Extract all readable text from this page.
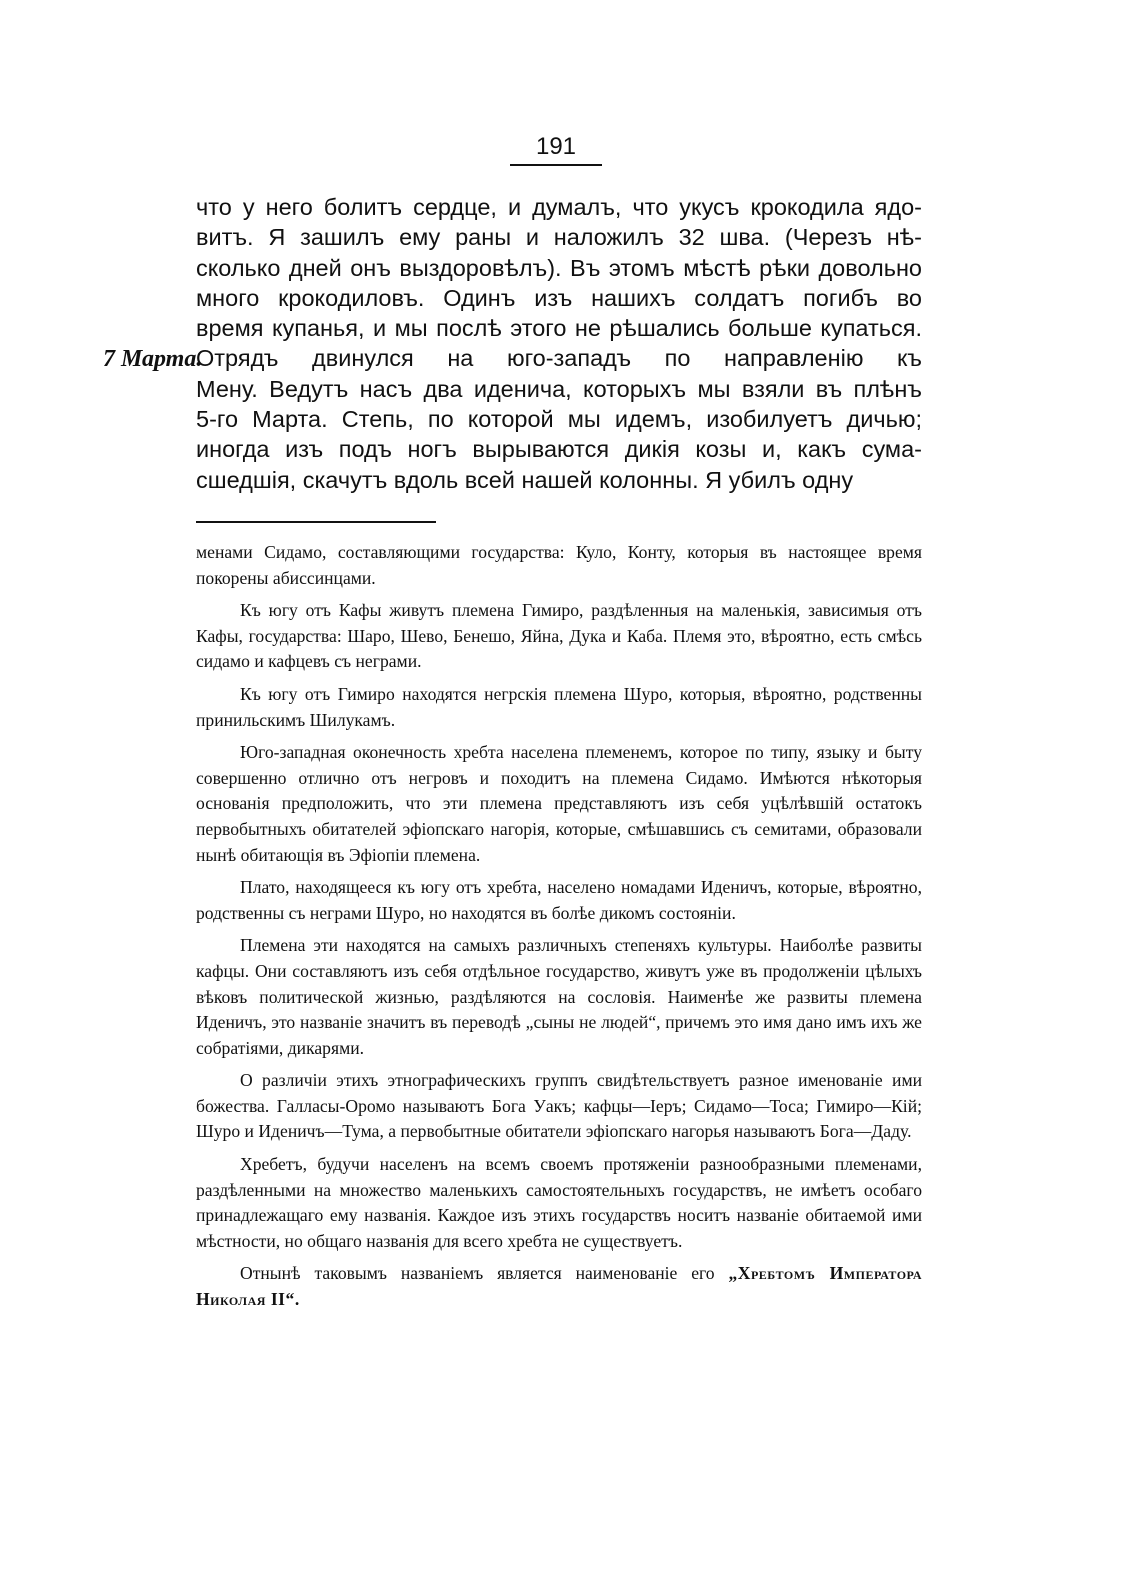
191
7 Марта.
что у него болитъ сердце, и думалъ, что укусъ крокодила ядо-
витъ. Я зашилъ ему раны и наложилъ 32 шва. (Черезъ нѣ-
сколько дней онъ выздоровѣлъ). Въ этомъ мѣстѣ рѣки довольно
много крокодиловъ. Одинъ изъ нашихъ солдатъ погибъ во
время купанья, и мы послѣ этого не рѣшались больше купаться.
Отрядъ двинулся на юго-западъ по направленію къ
Мену. Ведутъ насъ два иденича, которыхъ мы взяли въ плѣнъ
5-го Марта. Степь, по которой мы идемъ, изобилуетъ дичью;
иногда изъ подъ ногъ вырываются дикія козы и, какъ сума-
сшедшія, скачутъ вдоль всей нашей колонны. Я убилъ одну
менами Сидамо, составляющими государства: Куло, Конту, которыя въ настоящее время покорены абиссинцами.
Къ югу отъ Кафы живутъ племена Гимиро, раздѣленныя на маленькія, зависимыя отъ Кафы, государства: Шаро, Шево, Бенешо, Яйна, Дука и Каба. Племя это, вѣроятно, есть смѣсь сидамо и кафцевъ съ неграми.
Къ югу отъ Гимиро находятся негрскія племена Шуро, которыя, вѣроятно, родственны принильскимъ Шилукамъ.
Юго-западная оконечность хребта населена племенемъ, которое по типу, языку и быту совершенно отлично отъ негровъ и походитъ на племена Сидамо. Имѣются нѣкоторыя основанія предположить, что эти племена представляютъ изъ себя уцѣлѣвшій остатокъ первобытныхъ обитателей эфіопскаго нагорія, которые, смѣшавшись съ семитами, образовали нынѣ обитающія въ Эфіопіи племена.
Плато, находящееся къ югу отъ хребта, населено номадами Иденичъ, которые, вѣроятно, родственны съ неграми Шуро, но находятся въ болѣе дикомъ состояніи.
Племена эти находятся на самыхъ различныхъ степеняхъ культуры. Наиболѣе развиты кафцы. Они составляютъ изъ себя отдѣльное государство, живутъ уже въ продолженіи цѣлыхъ вѣковъ политической жизнью, раздѣляются на сословія. Наименѣе же развиты племена Иденичъ, это названіе значитъ въ переводѣ „сыны не людей“, причемъ это имя дано имъ ихъ же собратіями, дикарями.
О различіи этихъ этнографическихъ группъ свидѣтельствуетъ разное именованіе ими божества. Галласы-Оромо называютъ Бога Уакъ; кафцы—Іеръ; Сидамо—Тоса; Гимиро—Кій; Шуро и Иденичъ—Тума, а первобытные обитатели эфіопскаго нагорья называютъ Бога—Даду.
Хребетъ, будучи населенъ на всемъ своемъ протяженіи разнообразными племенами, раздѣленными на множество маленькихъ самостоятельныхъ государствъ, не имѣетъ особаго принадлежащаго ему названія. Каждое изъ этихъ государствъ носитъ названіе обитаемой ими мѣстности, но общаго названія для всего хребта не существуетъ.
Отнынѣ таковымъ названіемъ является наименованіе его „Хребтомъ Императора Николая II“.
